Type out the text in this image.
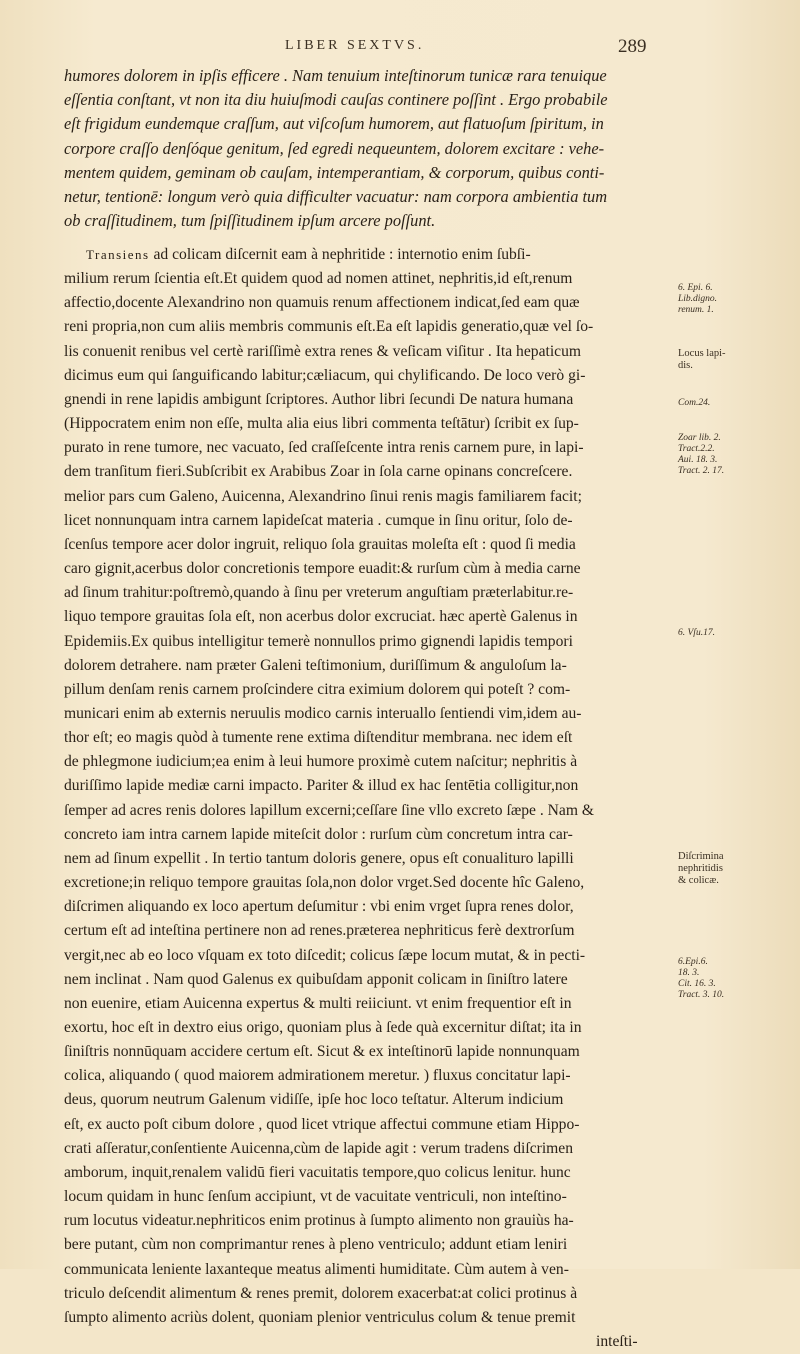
LIBER SEXTVS.	289
humores dolorem in ipſis efficere . Nam tenuium inteſtinorum tunicæ rara tenuique
eſſentia conſtant, vt non ita diu huiuſmodi cauſas continere poſſint . Ergo probabile
eſt frigidum eundemque craſſum, aut viſcoſum humorem, aut flatuoſum ſpiritum, in
corpore craſſo denſóque genitum, ſed egredi nequeuntem, dolorem excitare : vehe-
mentem quidem, geminam ob cauſam, intemperantiam, & corporum, quibus conti-
netur, tentionē: longum verò quia difficulter vacuatur: nam corpora ambientia tum
ob craſſitudinem, tum ſpiſſitudinem ipſum arcere poſſunt.
Transiens ad colicam diſcernit eam à nephritide : internotio enim ſubſi-
milium rerum ſcientia eſt.Et quidem quod ad nomen attinet, nephritis,id eſt,renum
affectio,docente Alexandrino non quamuis renum affectionem indicat,ſed eam quæ
reni propria,non cum aliis membris communis eſt.Ea eſt lapidis generatio,quæ vel ſo-
lis conuenit renibus vel certè rariſſimè extra renes & veſicam viſitur . Ita hepaticum
dicimus eum qui ſanguificando labitur;cæliacum, qui chylificando. De loco verò gi-
gnendi in rene lapidis ambigunt ſcriptores. Author libri ſecundi De natura humana
(Hippocratem enim non eſſe, multa alia eius libri commenta teſtātur) ſcribit ex ſup-
purato in rene tumore, nec vacuato, ſed craſſeſcente intra renis carnem pure, in lapi-
dem tranſitum fieri.Subſcribit ex Arabibus Zoar in ſola carne opinans concreſcere.
melior pars cum Galeno, Auicenna, Alexandrino ſinui renis magis familiarem facit;
licet nonnunquam intra carnem lapideſcat materia . cumque in ſinu oritur, ſolo de-
ſcenſus tempore acer dolor ingruit, reliquo ſola grauitas moleſta eſt : quod ſi media
caro gignit,acerbus dolor concretionis tempore euadit:& rurſum cùm à media carne
ad ſinum trahitur:poſtremò,quando à ſinu per vreterum anguſtiam præterlabitur.re-
liquo tempore grauitas ſola eſt, non acerbus dolor excruciat. hæc apertè Galenus in
Epidemiis.Ex quibus intelligitur temerè nonnullos primo gignendi lapidis tempori
dolorem detrahere. nam præter Galeni teſtimonium, duriſſimum & anguloſum la-
pillum denſam renis carnem proſcindere citra eximium dolorem qui poteſt ? com-
municari enim ab externis neruulis modico carnis interuallo ſentiendi vim,idem au-
thor eſt; eo magis quòd à tumente rene extima diſtenditur membrana. nec idem eſt
de phlegmone iudicium;ea enim à leui humore proximè cutem naſcitur; nephritis à
duriſſimo lapide mediæ carni impacto. Pariter & illud ex hac ſentētia colligitur,non
ſemper ad acres renis dolores lapillum excerni;ceſſare ſine vllo excreto ſæpe . Nam &
concreto iam intra carnem lapide miteſcit dolor : rurſum cùm concretum intra car-
nem ad ſinum expellit . In tertio tantum doloris genere, opus eſt conualituro lapilli
excretione;in reliquo tempore grauitas ſola,non dolor vrget.Sed docente hîc Galeno,
diſcrimen aliquando ex loco apertum deſumitur : vbi enim vrget ſupra renes dolor,
certum eſt ad inteſtina pertinere non ad renes.præterea nephriticus ferè dextrorſum
vergit,nec ab eo loco vſquam ex toto diſcedit; colicus ſæpe locum mutat, & in pecti-
nem inclinat . Nam quod Galenus ex quibuſdam apponit colicam in ſiniſtro latere
non euenire, etiam Auicenna expertus & multi reiiciunt. vt enim frequentior eſt in
exortu, hoc eſt in dextro eius origo, quoniam plus à ſede quà excernitur diſtat; ita in
ſiniſtris nonnūquam accidere certum eſt. Sicut & ex inteſtinorū lapide nonnunquam
colica, aliquando ( quod maiorem admirationem meretur. ) fluxus concitatur lapi-
deus, quorum neutrum Galenum vidiſſe, ipſe hoc loco teſtatur. Alterum indicium
eſt, ex aucto poſt cibum dolore , quod licet vtrique affectui commune etiam Hippo-
crati aſſeratur,conſentiente Auicenna,cùm de lapide agit : verum tradens diſcrimen
amborum, inquit,renalem validū fieri vacuitatis tempore,quo colicus lenitur. hunc
locum quidam in hunc ſenſum accipiunt, vt de vacuitate ventriculi, non inteſtino-
rum locutus videatur.nephriticos enim protinus à ſumpto alimento non grauiùs ha-
bere putant, cùm non comprimantur renes à pleno ventriculo; addunt etiam leniri
communicata leniente laxanteque meatus alimenti humiditate. Cùm autem à ven-
triculo deſcendit alimentum & renes premit, dolorem exacerbat:at colici protinus à
ſumpto alimento acriùs dolent, quoniam plenior ventriculus colum & tenue premit
inteſti-
6. Epi. 6.
Lib.digno.
renum. 1.
Locus lapi-
dis.
Com.24.
Zoar lib. 2.
Tract.2.2.
Aui. 18. 3.
Tract. 2. 17.
6. Vſu.17.
Diſcrimina
nephritidis
& colicæ.
6.Epi.6.
18. 3.
Cit. 16. 3.
Tract. 3. 10.
